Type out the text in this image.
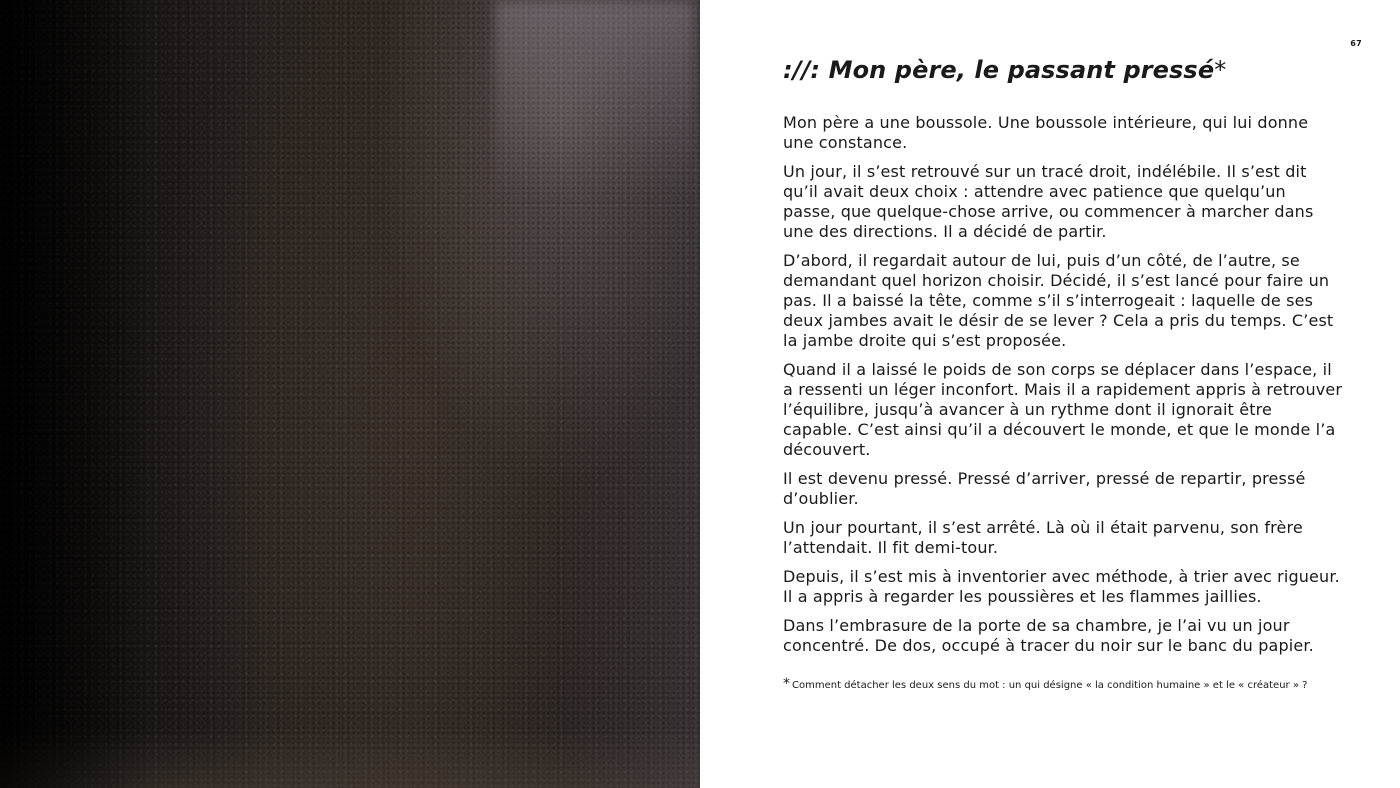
67
://: Mon père, le passant pressé*

Mon père a une boussole. Une boussole intérieure, qui lui donne une constance.

Un jour, il s’est retrouvé sur un tracé droit, indélébile. Il s’est dit qu’il avait deux choix : attendre avec patience que quelqu’un passe, que quelque-chose arrive, ou commencer à marcher dans une des directions. Il a décidé de partir.

D’abord, il regardait autour de lui, puis d’un côté, de l’autre, se demandant quel horizon choisir. Décidé, il s’est lancé pour faire un pas. Il a baissé la tête, comme s’il s’interrogeait : laquelle de ses deux jambes avait le désir de se lever ? Cela a pris du temps. C’est la jambe droite qui s’est proposée.

Quand il a laissé le poids de son corps se déplacer dans l’espace, il a ressenti un léger inconfort. Mais il a rapidement appris à retrouver l’équilibre, jusqu’à avancer à un rythme dont il ignorait être capable. C’est ainsi qu’il a découvert le monde, et que le monde l’a découvert.

Il est devenu pressé. Pressé d’arriver, pressé de repartir, pressé d’oublier.

Un jour pourtant, il s’est arrêté. Là où il était parvenu, son frère l’attendait. Il fit demi-tour.

Depuis, il s’est mis à inventorier avec méthode, à trier avec rigueur. Il a appris à regarder les poussières et les flammes jaillies.

Dans l’embrasure de la porte de sa chambre, je l’ai vu un jour concentré. De dos, occupé à tracer du noir sur le banc du papier.

* Comment détacher les deux sens du mot : un qui désigne « la condition humaine » et le « créateur » ?
